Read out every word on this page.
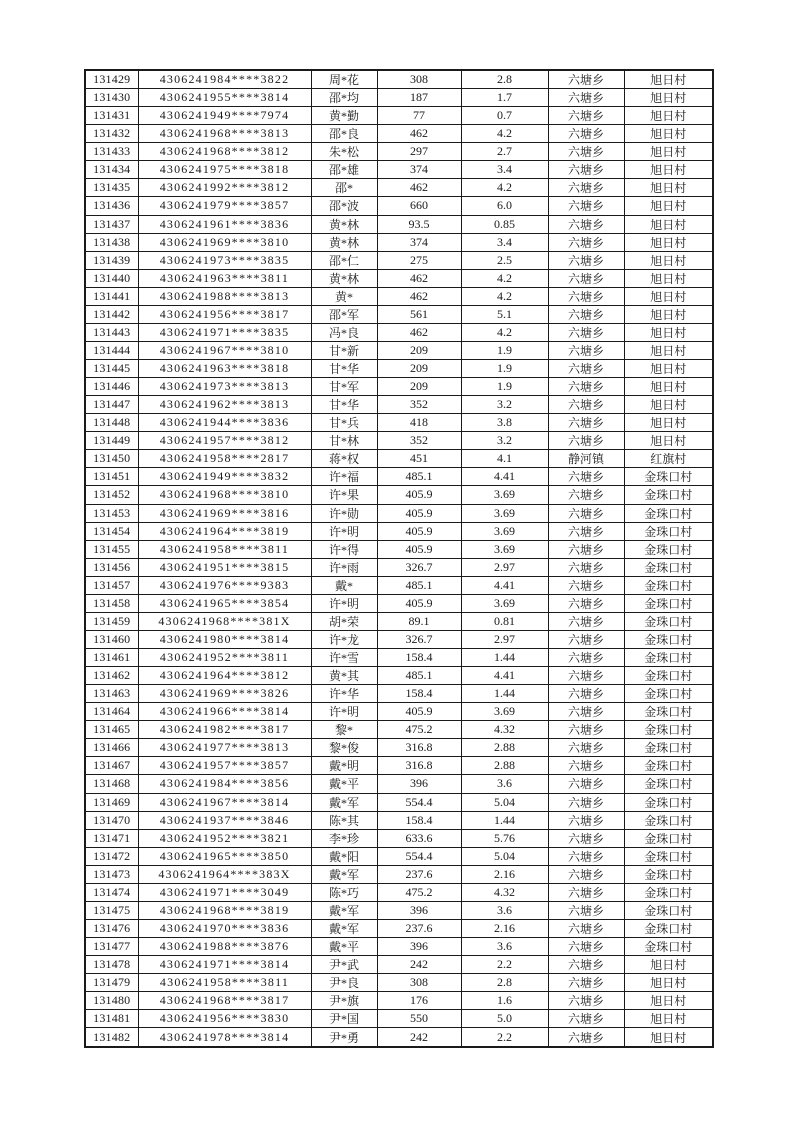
131429	4306241984****3822	周*花	308	2.8	六塘乡	旭日村
131430	4306241955****3814	邵*均	187	1.7	六塘乡	旭日村
131431	4306241949****7974	黄*勤	77	0.7	六塘乡	旭日村
131432	4306241968****3813	邵*良	462	4.2	六塘乡	旭日村
131433	4306241968****3812	朱*松	297	2.7	六塘乡	旭日村
131434	4306241975****3818	邵*雄	374	3.4	六塘乡	旭日村
131435	4306241992****3812	邵*	462	4.2	六塘乡	旭日村
131436	4306241979****3857	邵*波	660	6.0	六塘乡	旭日村
131437	4306241961****3836	黄*林	93.5	0.85	六塘乡	旭日村
131438	4306241969****3810	黄*林	374	3.4	六塘乡	旭日村
131439	4306241973****3835	邵*仁	275	2.5	六塘乡	旭日村
131440	4306241963****3811	黄*林	462	4.2	六塘乡	旭日村
131441	4306241988****3813	黄*	462	4.2	六塘乡	旭日村
131442	4306241956****3817	邵*军	561	5.1	六塘乡	旭日村
131443	4306241971****3835	冯*良	462	4.2	六塘乡	旭日村
131444	4306241967****3810	甘*新	209	1.9	六塘乡	旭日村
131445	4306241963****3818	甘*华	209	1.9	六塘乡	旭日村
131446	4306241973****3813	甘*军	209	1.9	六塘乡	旭日村
131447	4306241962****3813	甘*华	352	3.2	六塘乡	旭日村
131448	4306241944****3836	甘*兵	418	3.8	六塘乡	旭日村
131449	4306241957****3812	甘*林	352	3.2	六塘乡	旭日村
131450	4306241958****2817	蒋*权	451	4.1	静河镇	红旗村
131451	4306241949****3832	许*福	485.1	4.41	六塘乡	金珠口村
131452	4306241968****3810	许*果	405.9	3.69	六塘乡	金珠口村
131453	4306241969****3816	许*勋	405.9	3.69	六塘乡	金珠口村
131454	4306241964****3819	许*明	405.9	3.69	六塘乡	金珠口村
131455	4306241958****3811	许*得	405.9	3.69	六塘乡	金珠口村
131456	4306241951****3815	许*雨	326.7	2.97	六塘乡	金珠口村
131457	4306241976****9383	戴*	485.1	4.41	六塘乡	金珠口村
131458	4306241965****3854	许*明	405.9	3.69	六塘乡	金珠口村
131459	4306241968****381X	胡*荣	89.1	0.81	六塘乡	金珠口村
131460	4306241980****3814	许*龙	326.7	2.97	六塘乡	金珠口村
131461	4306241952****3811	许*雪	158.4	1.44	六塘乡	金珠口村
131462	4306241964****3812	黄*其	485.1	4.41	六塘乡	金珠口村
131463	4306241969****3826	许*华	158.4	1.44	六塘乡	金珠口村
131464	4306241966****3814	许*明	405.9	3.69	六塘乡	金珠口村
131465	4306241982****3817	黎*	475.2	4.32	六塘乡	金珠口村
131466	4306241977****3813	黎*俊	316.8	2.88	六塘乡	金珠口村
131467	4306241957****3857	戴*明	316.8	2.88	六塘乡	金珠口村
131468	4306241984****3856	戴*平	396	3.6	六塘乡	金珠口村
131469	4306241967****3814	戴*军	554.4	5.04	六塘乡	金珠口村
131470	4306241937****3846	陈*其	158.4	1.44	六塘乡	金珠口村
131471	4306241952****3821	李*珍	633.6	5.76	六塘乡	金珠口村
131472	4306241965****3850	戴*阳	554.4	5.04	六塘乡	金珠口村
131473	4306241964****383X	戴*军	237.6	2.16	六塘乡	金珠口村
131474	4306241971****3049	陈*巧	475.2	4.32	六塘乡	金珠口村
131475	4306241968****3819	戴*军	396	3.6	六塘乡	金珠口村
131476	4306241970****3836	戴*军	237.6	2.16	六塘乡	金珠口村
131477	4306241988****3876	戴*平	396	3.6	六塘乡	金珠口村
131478	4306241971****3814	尹*武	242	2.2	六塘乡	旭日村
131479	4306241958****3811	尹*良	308	2.8	六塘乡	旭日村
131480	4306241968****3817	尹*旗	176	1.6	六塘乡	旭日村
131481	4306241956****3830	尹*国	550	5.0	六塘乡	旭日村
131482	4306241978****3814	尹*勇	242	2.2	六塘乡	旭日村
